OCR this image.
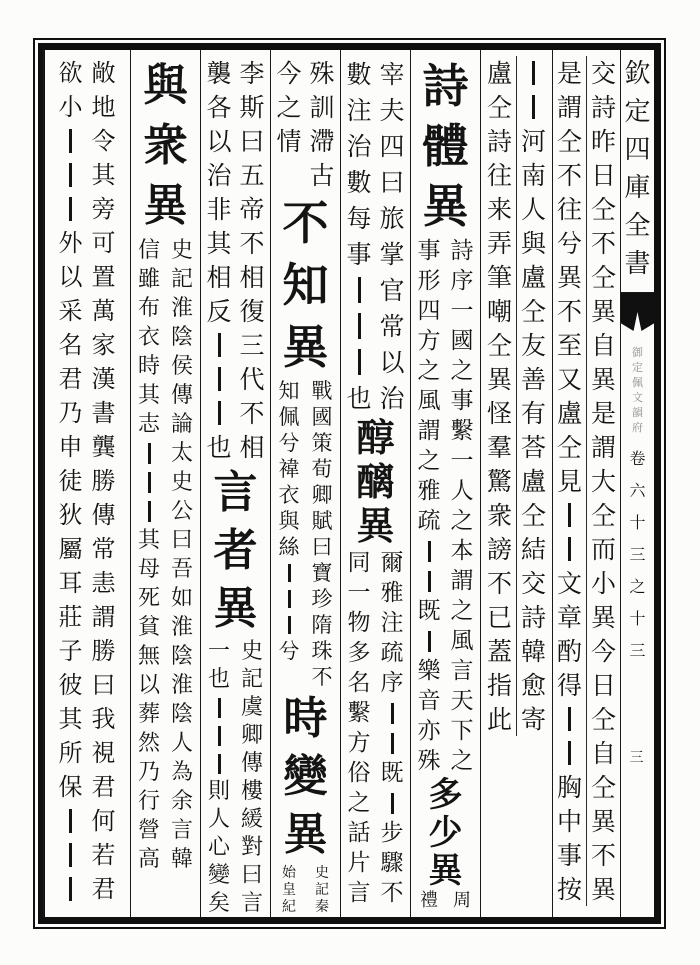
欽
定
四
庫
全
書
御
定
佩
文
韻
府
卷
六
十
三
之
十
三
三
交
詩
昨
日
仝
不
仝
異
自
異
是
謂
大
仝
而
小
異
今
日
仝
自
仝
異
不
異
是
謂
仝
不
往
兮
異
不
至
又
盧
仝
見
文
章
酌
得
胸
中
事
按
河
南
人
與
盧
仝
友
善
有
荅
盧
仝
結
交
詩
韓
愈
寄
盧
仝
詩
往
来
弄
筆
嘲
仝
異
怪
羣
驚
衆
謗
不
已
蓋
指
此
詩
體
異
詩
序
一
國
之
事
繫
一
人
之
本
謂
之
風
言
天
下
之
事
形
四
方
之
風
謂
之
雅
疏
既
樂
音
亦
殊
多
少
異
周
禮
宰
夫
四
曰
旅
掌
官
常
以
治
數
注
治
數
每
事
也
醇
醨
異
爾
雅
注
疏
序
既
步
驟
不
同
一
物
多
名
繫
方
俗
之
話
片
言
殊
訓
滯
古
今
之
情
不
知
異
戰
國
策
荀
卿
賦
曰
寶
珍
隋
珠
不
知
佩
兮
褘
衣
與
絲
兮
時
變
異
史
記
秦
始
皇
紀
李
斯
曰
五
帝
不
相
復
三
代
不
相
襲
各
以
治
非
其
相
反
也
言
者
異
史
記
虞
卿
傳
樓
緩
對
曰
言
一
也
則
人
心
變
矣
與
衆
異
史
記
淮
陰
侯
傳
論
太
史
公
曰
吾
如
淮
陰
淮
陰
人
為
余
言
韓
信
雖
布
衣
時
其
志
其
母
死
貧
無
以
葬
然
乃
行
營
高
敞
地
令
其
旁
可
置
萬
家
漢
書
龔
勝
傳
常
恚
謂
勝
曰
我
視
君
何
若
君
欲
小
外
以
采
名
君
乃
申
徒
狄
屬
耳
莊
子
彼
其
所
保
